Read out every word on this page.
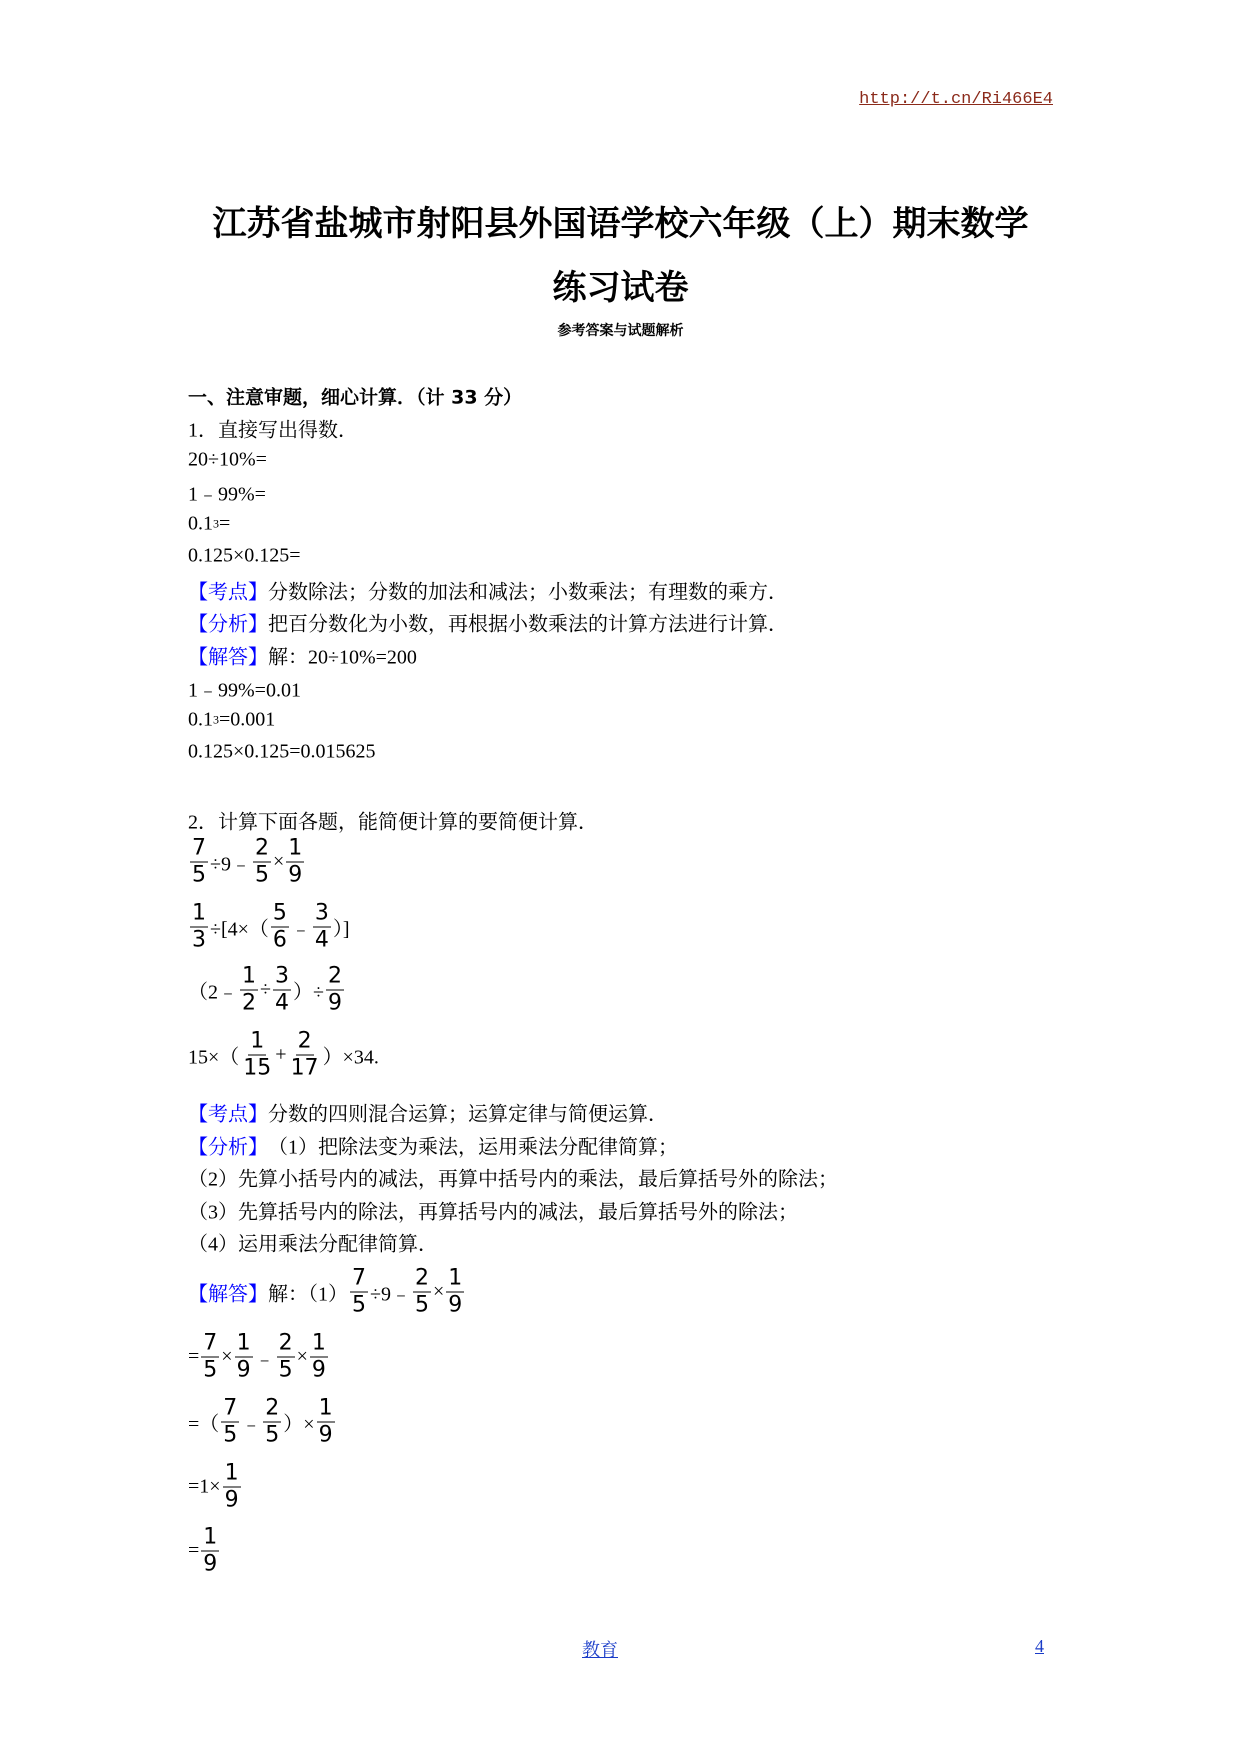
http://t.cn/Ri466E4
江苏省盐城市射阳县外国语学校六年级（上）期末数学
练习试卷
参考答案与试题解析
一、注意审题，细心计算．（计 33 分）
1．直接写出得数．
20÷10%=
1﹣99%=
0.1 3 =
0.125×0.125=
【考点】 分数除法；分数的加法和减法；小数乘法；有理数的乘方．
【分析】 把百分数化为小数，再根据小数乘法的计算方法进行计算．
【解答】 解：20÷10%=200
1﹣99%=0.01
0.1 3 =0.001
0.125×0.125=0.015625
2．计算下面各题，能简便计算的要简便计算．
$\frac{7}{5}$ ÷9﹣ $\frac{2}{5} \times \frac{1}{9}$
$\frac{1}{3} \div[4\times( \frac{5}{6}$ ﹣ $\frac{3}{4}$ ）]
（2﹣ $\frac{1}{2} \div \frac{3}{4}$ ）÷ $\frac{2}{9}$
$15\times( \frac{1}{15} + \frac{2}{17} )\times 34$.
【考点】 分数的四则混合运算；运算定律与简便运算．
【分析】 （1）把除法变为乘法，运用乘法分配律简算；
（2）先算小括号内的减法，再算中括号内的乘法，最后算括号外的除法；
（3）先算括号内的除法，再算括号内的减法，最后算括号外的除法；
（4）运用乘法分配律简算．
【解答】 解：$(1) \frac{7}{5}$ ÷9﹣ $\frac{2}{5} \times \frac{1}{9}$
= $\frac{7}{5} \times \frac{1}{9}$ ﹣ $\frac{2}{5} \times \frac{1}{9}$
=（ $\frac{7}{5}$ ﹣ $\frac{2}{5}$ ）× $\frac{1}{9}$
$=1\times \frac{1}{9}$
= $\frac{1}{9}$
教育	4
